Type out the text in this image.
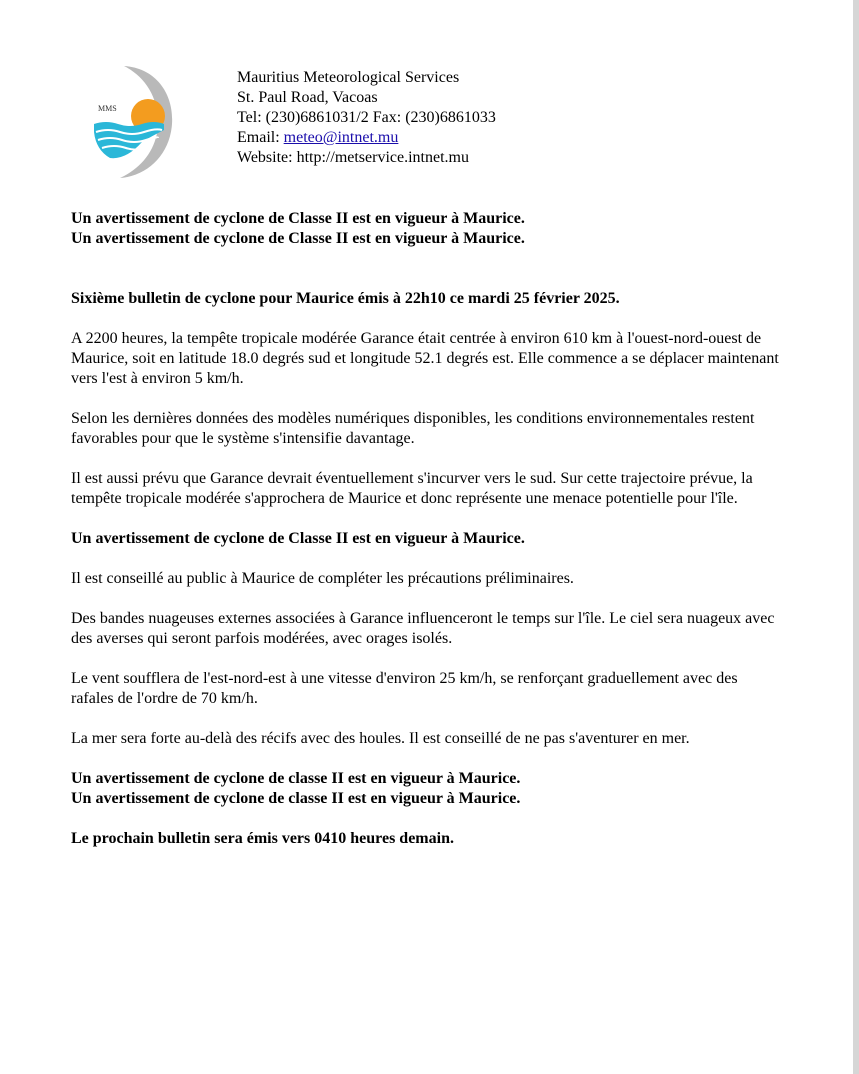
MMS
Mauritius Meteorological Services
St. Paul Road, Vacoas
Tel: (230)6861031/2 Fax: (230)6861033
Email: meteo@intnet.mu
Website: http://metservice.intnet.mu

Un avertissement de cyclone de Classe II est en vigueur à Maurice.

Un avertissement de cyclone de Classe II est en vigueur à Maurice.

Sixième bulletin de cyclone pour Maurice émis à 22h10 ce mardi 25 février 2025.

A 2200 heures, la tempête tropicale modérée Garance était centrée à environ 610 km à l'ouest-nord-ouest de Maurice, soit en latitude 18.0 degrés sud et longitude 52.1 degrés est. Elle commence a se déplacer maintenant vers l'est à environ 5 km/h.

Selon les dernières données des modèles numériques disponibles, les conditions environnementales restent favorables pour que le système s'intensifie davantage.

Il est aussi prévu que Garance devrait éventuellement s'incurver vers le sud. Sur cette trajectoire prévue, la tempête tropicale modérée s'approchera de Maurice et donc représente une menace potentielle pour l'île.

Un avertissement de cyclone de Classe II est en vigueur à Maurice.

Il est conseillé au public à Maurice de compléter les précautions préliminaires.

Des bandes nuageuses externes associées à Garance influenceront le temps sur l'île. Le ciel sera nuageux avec des averses qui seront parfois modérées, avec orages isolés.

Le vent soufflera de l'est-nord-est à une vitesse d'environ 25 km/h, se renforçant graduellement avec des rafales de l'ordre de 70 km/h.

La mer sera forte au-delà des récifs avec des houles. Il est conseillé de ne pas s'aventurer en mer.

Un avertissement de cyclone de classe II est en vigueur à Maurice.

Un avertissement de cyclone de classe II est en vigueur à Maurice.

Le prochain bulletin sera émis vers 0410 heures demain.
